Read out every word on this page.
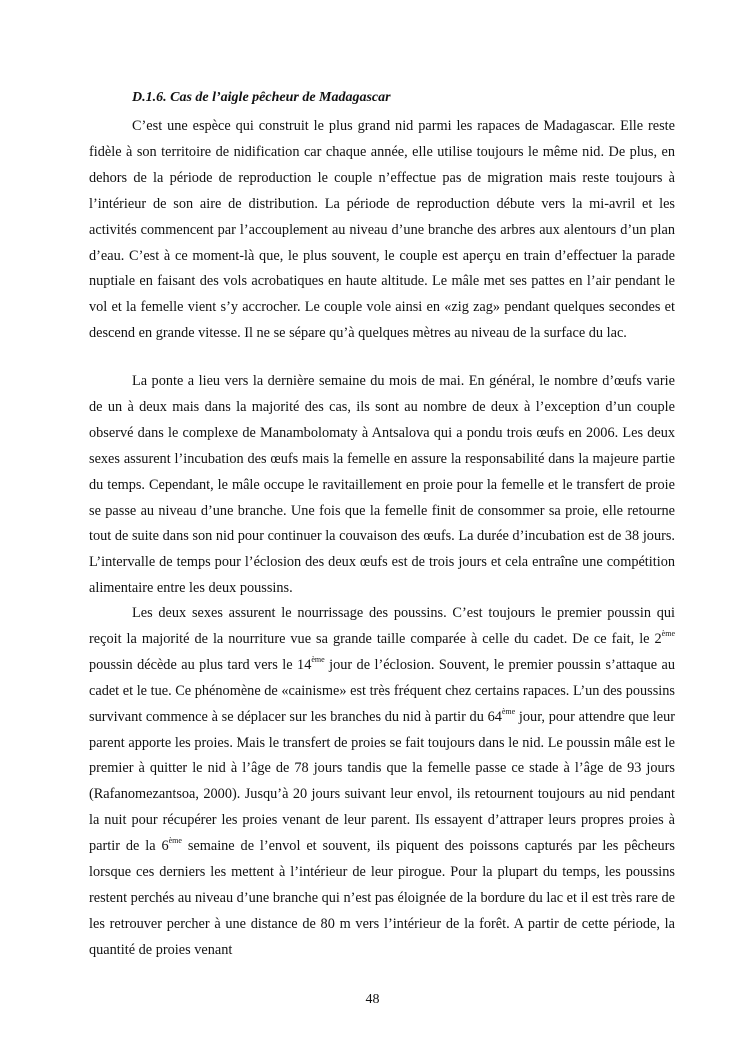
D.1.6. Cas de l’aigle pêcheur de Madagascar

C’est une espèce qui construit le plus grand nid parmi les rapaces de Madagascar. Elle reste fidèle à son territoire de nidification car chaque année, elle utilise toujours le même nid. De plus, en dehors de la période de reproduction le couple n’effectue pas de migration mais reste toujours à l’intérieur de son aire de distribution. La période de reproduction débute vers la mi-avril et les activités commencent par l’accouplement au niveau d’une branche des arbres aux alentours d’un plan d’eau. C’est à ce moment-là que, le plus souvent, le couple est aperçu en train d’effectuer la parade nuptiale en faisant des vols acrobatiques en haute altitude. Le mâle met ses pattes en l’air pendant le vol et la femelle vient s’y accrocher. Le couple vole ainsi en «zig zag» pendant quelques secondes et descend en grande vitesse. Il ne se sépare qu’à quelques mètres au niveau de la surface du lac.

La ponte a lieu vers la dernière semaine du mois de mai. En général, le nombre d’œufs varie de un à deux mais dans la majorité des cas, ils sont au nombre de deux à l’exception d’un couple observé dans le complexe de Manambolomaty à Antsalova qui a pondu trois œufs en 2006. Les deux sexes assurent l’incubation des œufs mais la femelle en assure la responsabilité dans la majeure partie du temps. Cependant, le mâle occupe le ravitaillement en proie pour la femelle et le transfert de proie se passe au niveau d’une branche. Une fois que la femelle finit de consommer sa proie, elle retourne tout de suite dans son nid pour continuer la couvaison des œufs. La durée d’incubation est de 38 jours. L’intervalle de temps pour l’éclosion des deux œufs est de trois jours et cela entraîne une compétition alimentaire entre les deux poussins.

Les deux sexes assurent le nourrissage des poussins. C’est toujours le premier poussin qui reçoit la majorité de la nourriture vue sa grande taille comparée à celle du cadet. De ce fait, le 2ème poussin décède au plus tard vers le 14ème jour de l’éclosion. Souvent, le premier poussin s’attaque au cadet et le tue. Ce phénomène de «cainisme» est très fréquent chez certains rapaces. L’un des poussins survivant commence à se déplacer sur les branches du nid à partir du 64ème jour, pour attendre que leur parent apporte les proies. Mais le transfert de proies se fait toujours dans le nid. Le poussin mâle est le premier à quitter le nid à l’âge de 78 jours tandis que la femelle passe ce stade à l’âge de 93 jours (Rafanomezantsoa, 2000). Jusqu’à 20 jours suivant leur envol, ils retournent toujours au nid pendant la nuit pour récupérer les proies venant de leur parent. Ils essayent d’attraper leurs propres proies à partir de la 6ème semaine de l’envol et souvent, ils piquent des poissons capturés par les pêcheurs lorsque ces derniers les mettent à l’intérieur de leur pirogue. Pour la plupart du temps, les poussins restent perchés au niveau d’une branche qui n’est pas éloignée de la bordure du lac et il est très rare de les retrouver percher à une distance de 80 m vers l’intérieur de la forêt. A partir de cette période, la quantité de proies venant

48
